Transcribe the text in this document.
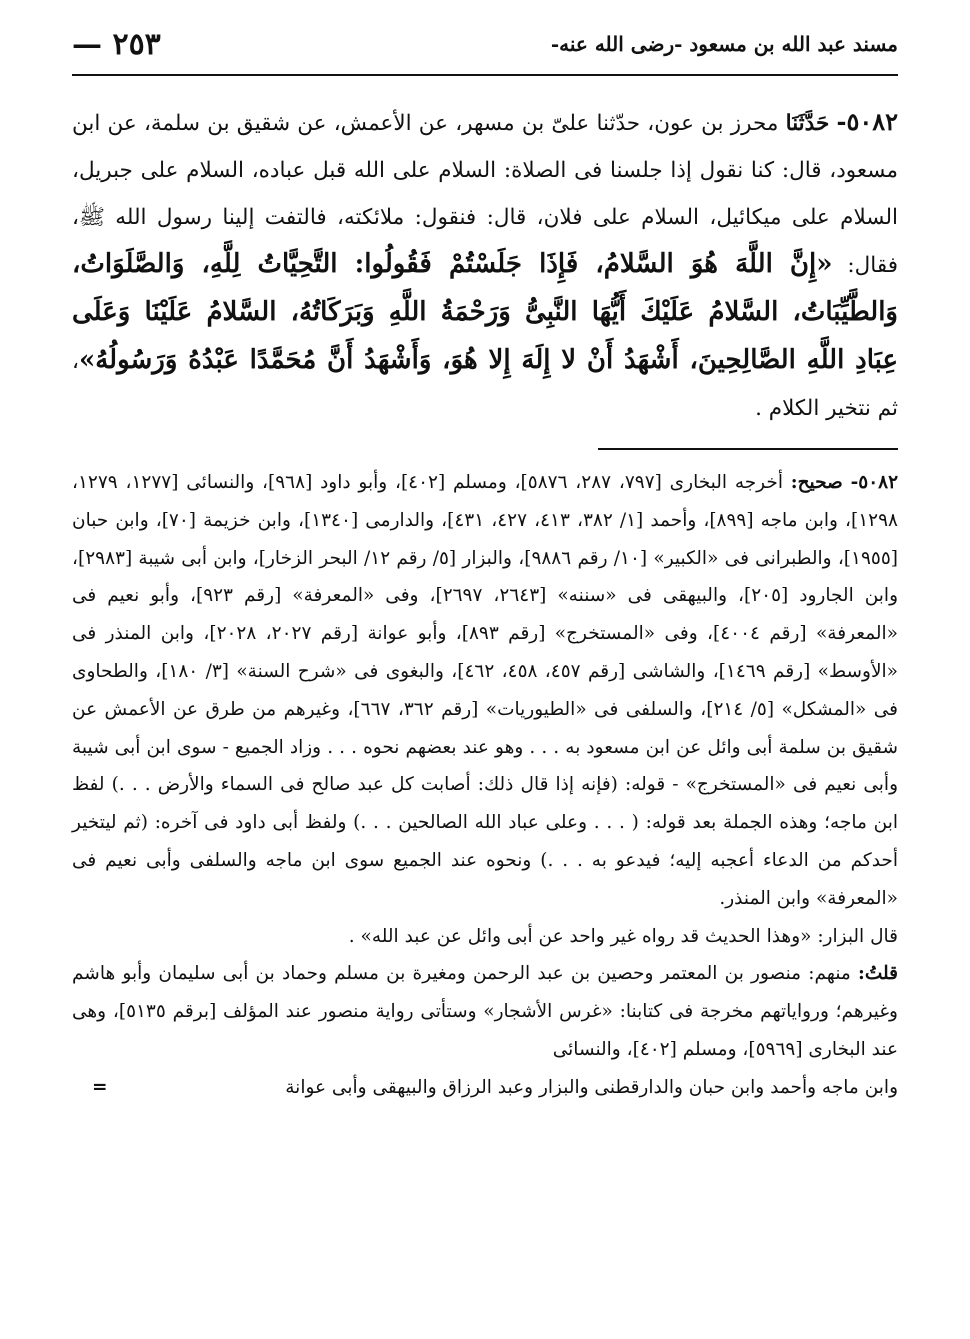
مسند عبد الله بن مسعود -رضى الله عنه-
٢٥٣ —
٥٠٨٢- حَدَّثَنَا محرز بن عون، حدّثنا علىّ بن مسهر، عن الأعمش، عن شقيق بن سلمة، عن ابن مسعود، قال: كنا نقول إذا جلسنا فى الصلاة: السلام على الله قبل عباده، السلام على جبريل، السلام على ميكائيل، السلام على فلان، قال: فنقول: ملائكته، فالتفت إلينا رسول الله ﷺ، فقال: «إِنَّ اللَّهَ هُوَ السَّلامُ، فَإِذَا جَلَسْتُمْ فَقُولُوا: التَّحِيَّاتُ لِلَّهِ، وَالصَّلَوَاتُ، وَالطَّيِّبَاتُ، السَّلامُ عَلَيْكَ أَيُّهَا النَّبِىُّ وَرَحْمَةُ اللَّهِ وَبَرَكَاتُهُ، السَّلامُ عَلَيْنَا وَعَلَى عِبَادِ اللَّهِ الصَّالِحِينَ، أَشْهَدُ أَنْ لا إِلَهَ إِلا هُوَ، وَأَشْهَدُ أَنَّ مُحَمَّدًا عَبْدُهُ وَرَسُولُهُ»، ثم نتخير الكلام .

٥٠٨٢- صحيح: أخرجه البخارى [٧٩٧، ٢٨٧، ٥٨٧٦]، ومسلم [٤٠٢]، وأبو داود [٩٦٨]، والنسائى [١٢٧٧، ١٢٧٩، ١٢٩٨]، وابن ماجه [٨٩٩]، وأحمد [١/ ٣٨٢، ٤١٣، ٤٢٧، ٤٣١]، والدارمى [١٣٤٠]، وابن خزيمة [٧٠]، وابن حبان [١٩٥٥]، والطبرانى فى «الكبير» [١٠/ رقم ٩٨٨٦]، والبزار [٥/ رقم ١٢/ البحر الزخار]، وابن أبى شيبة [٢٩٨٣]، وابن الجارود [٢٠٥]، والبيهقى فى «سننه» [٢٦٤٣، ٢٦٩٧]، وفى «المعرفة» [رقم ٩٢٣]، وأبو نعيم فى «المعرفة» [رقم ٤٠٠٤]، وفى «المستخرج» [رقم ٨٩٣]، وأبو عوانة [رقم ٢٠٢٧، ٢٠٢٨]، وابن المنذر فى «الأوسط» [رقم ١٤٦٩]، والشاشى [رقم ٤٥٧، ٤٥٨، ٤٦٢]، والبغوى فى «شرح السنة» [٣/ ١٨٠]، والطحاوى فى «المشكل» [٥/ ٢١٤]، والسلفى فى «الطيوريات» [رقم ٣٦٢، ٦٦٧]، وغيرهم من طرق عن الأعمش عن شقيق بن سلمة أبى وائل عن ابن مسعود به . . . وهو عند بعضهم نحوه . . . وزاد الجميع - سوى ابن أبى شيبة وأبى نعيم فى «المستخرج» - قوله: (فإنه إذا قال ذلك: أصابت كل عبد صالح فى السماء والأرض . . .) لفظ ابن ماجه؛ وهذه الجملة بعد قوله: ( . . . وعلى عباد الله الصالحين . . .) ولفظ أبى داود فى آخره: (ثم ليتخير أحدكم من الدعاء أعجبه إليه؛ فيدعو به . . .) ونحوه عند الجميع سوى ابن ماجه والسلفى وأبى نعيم فى «المعرفة» وابن المنذر.

قال البزار: «وهذا الحديث قد رواه غير واحد عن أبى وائل عن عبد الله» .

قلتُ: منهم: منصور بن المعتمر وحصين بن عبد الرحمن ومغيرة بن مسلم وحماد بن أبى سليمان وأبو هاشم وغيرهم؛ ورواياتهم مخرجة فى كتابنا: «غرس الأشجار» وستأتى رواية منصور عند المؤلف [برقم ٥١٣٥]، وهى عند البخارى [٥٩٦٩]، ومسلم [٤٠٢]، والنسائى

وابن ماجه وأحمد وابن حبان والدارقطنى والبزار وعبد الرزاق والبيهقى وأبى عوانة
=
